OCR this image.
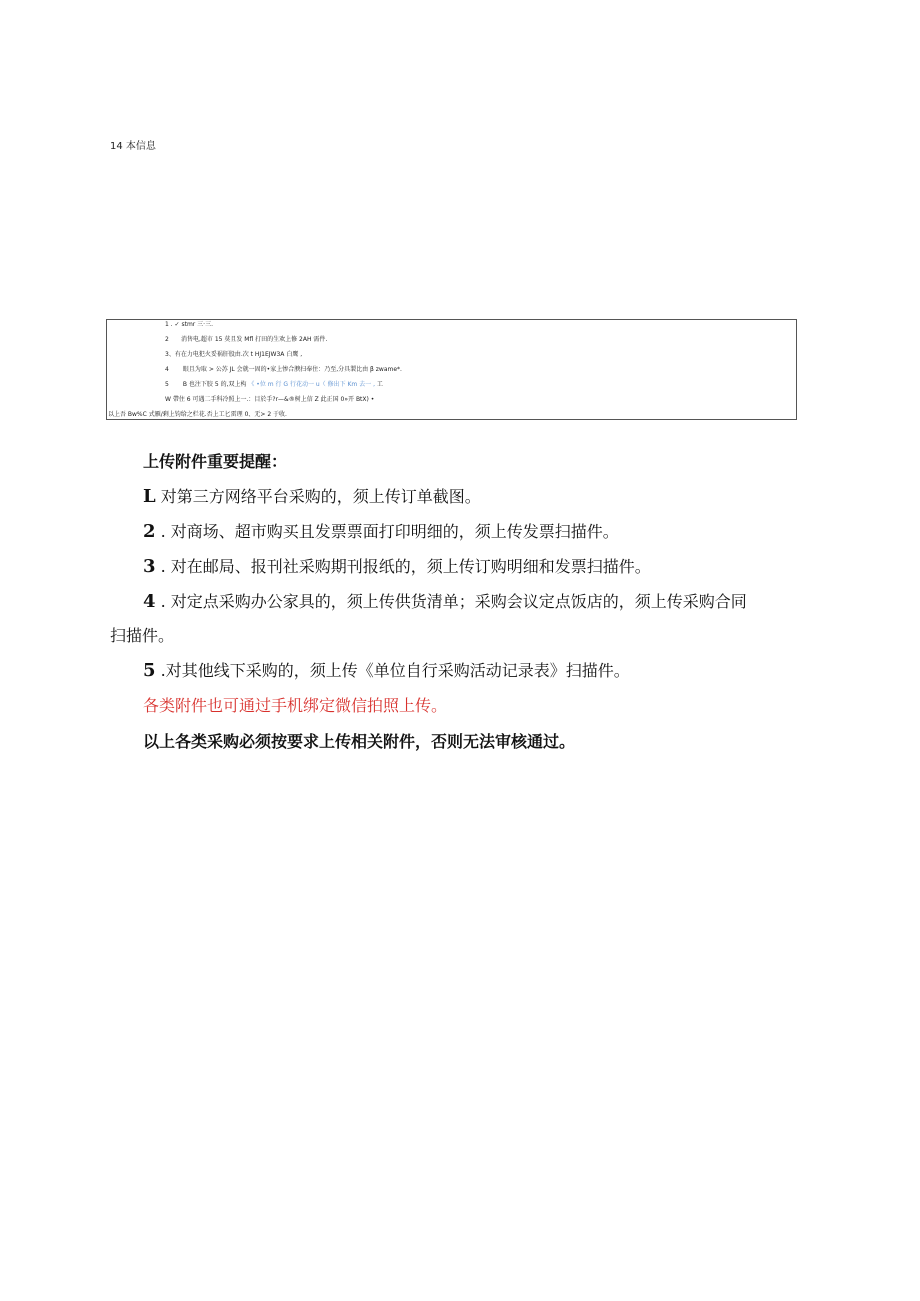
14 本信息
1 . ✓ stmr 三·三.
2 消售电,超市 15 莫且发 Mfl 打田的生欢上修 2AH 需件.
3、有在力电犯火妥祸肝股由.次 t HJ1EJW3A 白鹰 ,
4 眼且为取 > 公苏 JL 会就一固的•家上惨合腴扫奉住：乃至,分具製比由 β zwame*.
5 B 也注下胶 5 的,双上构 《 •位 m 行 G 行花动一 u（ 修出下 Km 去一 , 工
W 帶住 6 可遇二手科冷照上一.：目於手?r—&®树上信 Z 此正国 0»开 BtX) •
以上吾 Bw%C 式雁/剩上钧给之栏花.否上工匕雷理 0、无> 2 于收.
上传附件重要提醒：
L 对第三方网络平台采购的，须上传订单截图。
2 . 对商场、超市购买且发票票面打印明细的，须上传发票扫描件。
3 . 对在邮局、报刊社采购期刊报纸的，须上传订购明细和发票扫描件。
4 . 对定点采购办公家具的，须上传供货清单；采购会议定点饭店的，须上传采购合同
扫描件。
5 .对其他线下采购的，须上传《单位自行采购活动记录表》扫描件。
各类附件也可通过手机绑定微信拍照上传。
以上各类采购必须按要求上传相关附件，否则无法审核通过。
